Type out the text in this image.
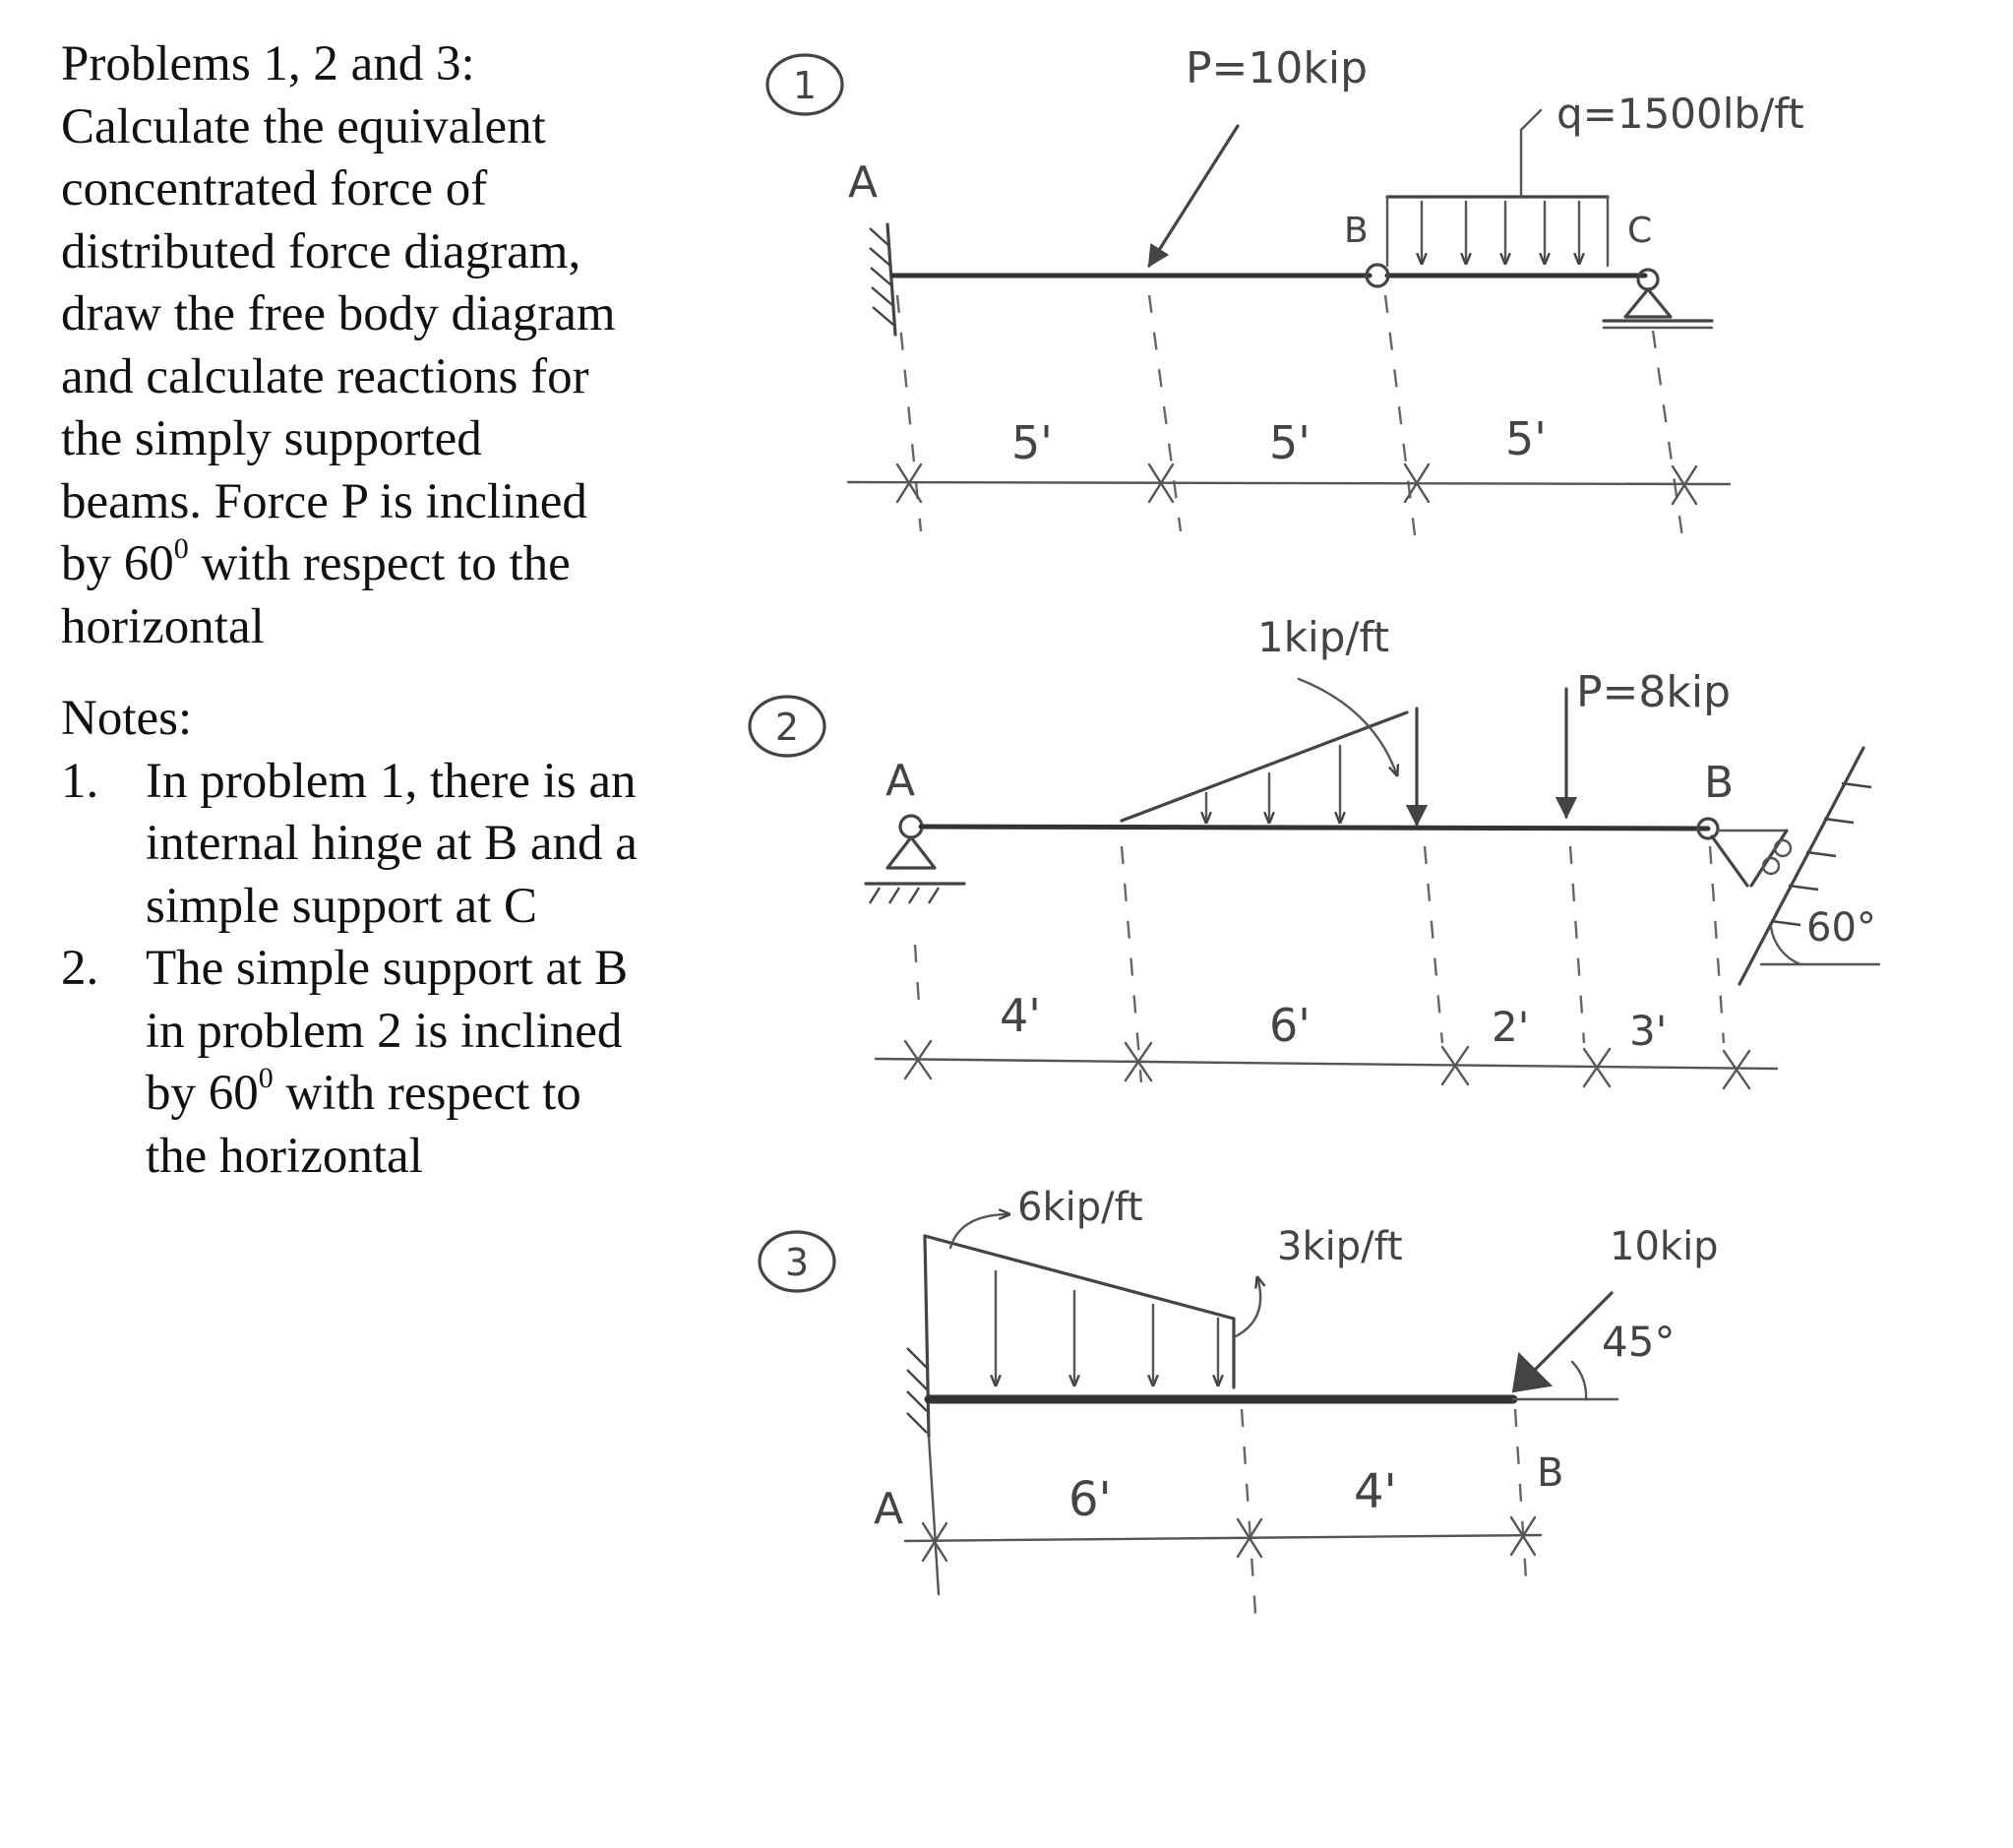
Problems 1, 2 and 3:
Calculate the equivalent
concentrated force of
distributed force diagram,
draw the free body diagram
and calculate reactions for
the simply supported
beams. Force P is inclined
by $60^0$ with respect to the
horizontal
Notes:
1. In problem 1, there is an
internal hinge at B and a
simple support at C
2. The simple support at B
in problem 2 is inclined
by $60^0$ with respect to
the horizontal
1
A
P=10kip
q=1500lb/ft
B	C
5'	5'	5'
2
A
1kip/ft
P=8kip
B
60°
4'	6'	2' 3'
3
A
6kip/ft
3kip/ft	10kip
45°
B
6'	4'
